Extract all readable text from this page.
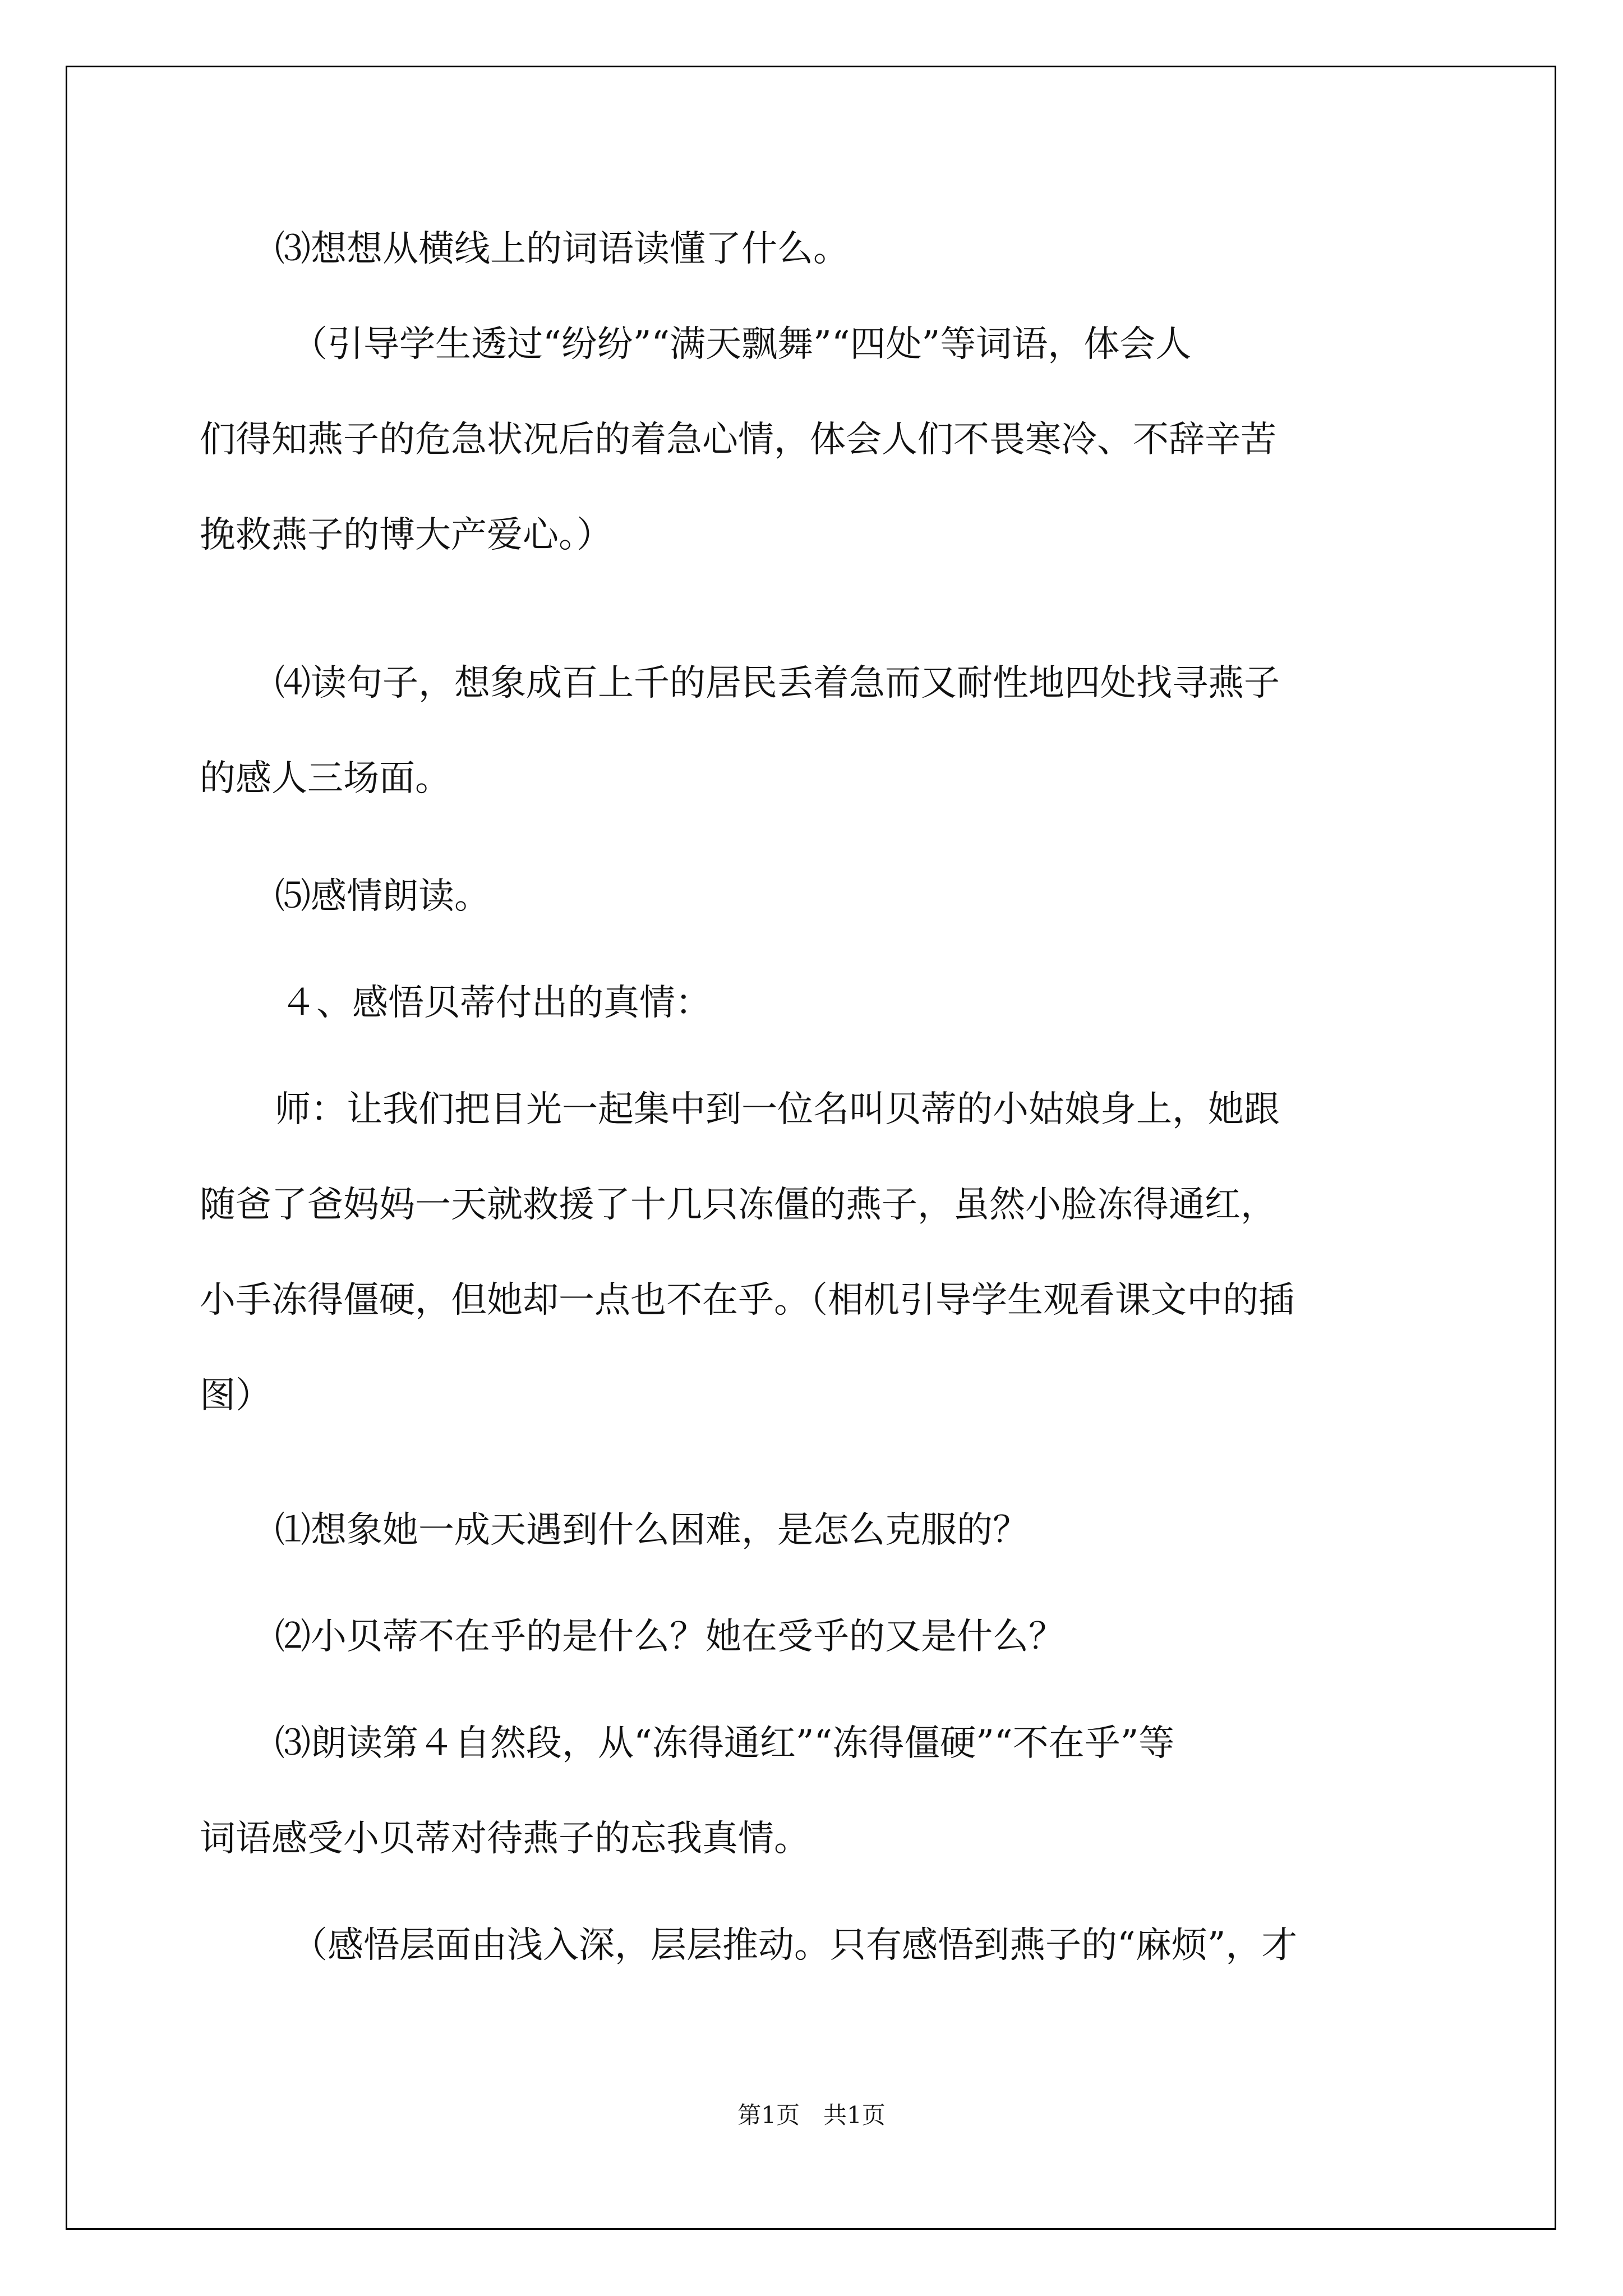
⑶想想从横线上的词语读懂了什么。

（引导学生透过“纷纷”“满天飘舞”“四处”等词语，体会人

们得知燕子的危急状况后的着急心情，体会人们不畏寒冷、不辞辛苦

挽救燕子的博大产爱心。）

⑷读句子，想象成百上千的居民丢着急而又耐性地四处找寻燕子

的感人三场面。

⑸感情朗读。

４、感悟贝蒂付出的真情：

师：让我们把目光一起集中到一位名叫贝蒂的小姑娘身上，她跟

随爸了爸妈妈一天就救援了十几只冻僵的燕子，虽然小脸冻得通红，

小手冻得僵硬，但她却一点也不在乎。（相机引导学生观看课文中的插

图）

⑴想象她一成天遇到什么困难，是怎么克服的？

⑵小贝蒂不在乎的是什么？她在受乎的又是什么？

⑶朗读第４自然段，从“冻得通红”“冻得僵硬”“不在乎”等

词语感受小贝蒂对待燕子的忘我真情。

（感悟层面由浅入深，层层推动。只有感悟到燕子的“麻烦”，才

第1页　共1页
